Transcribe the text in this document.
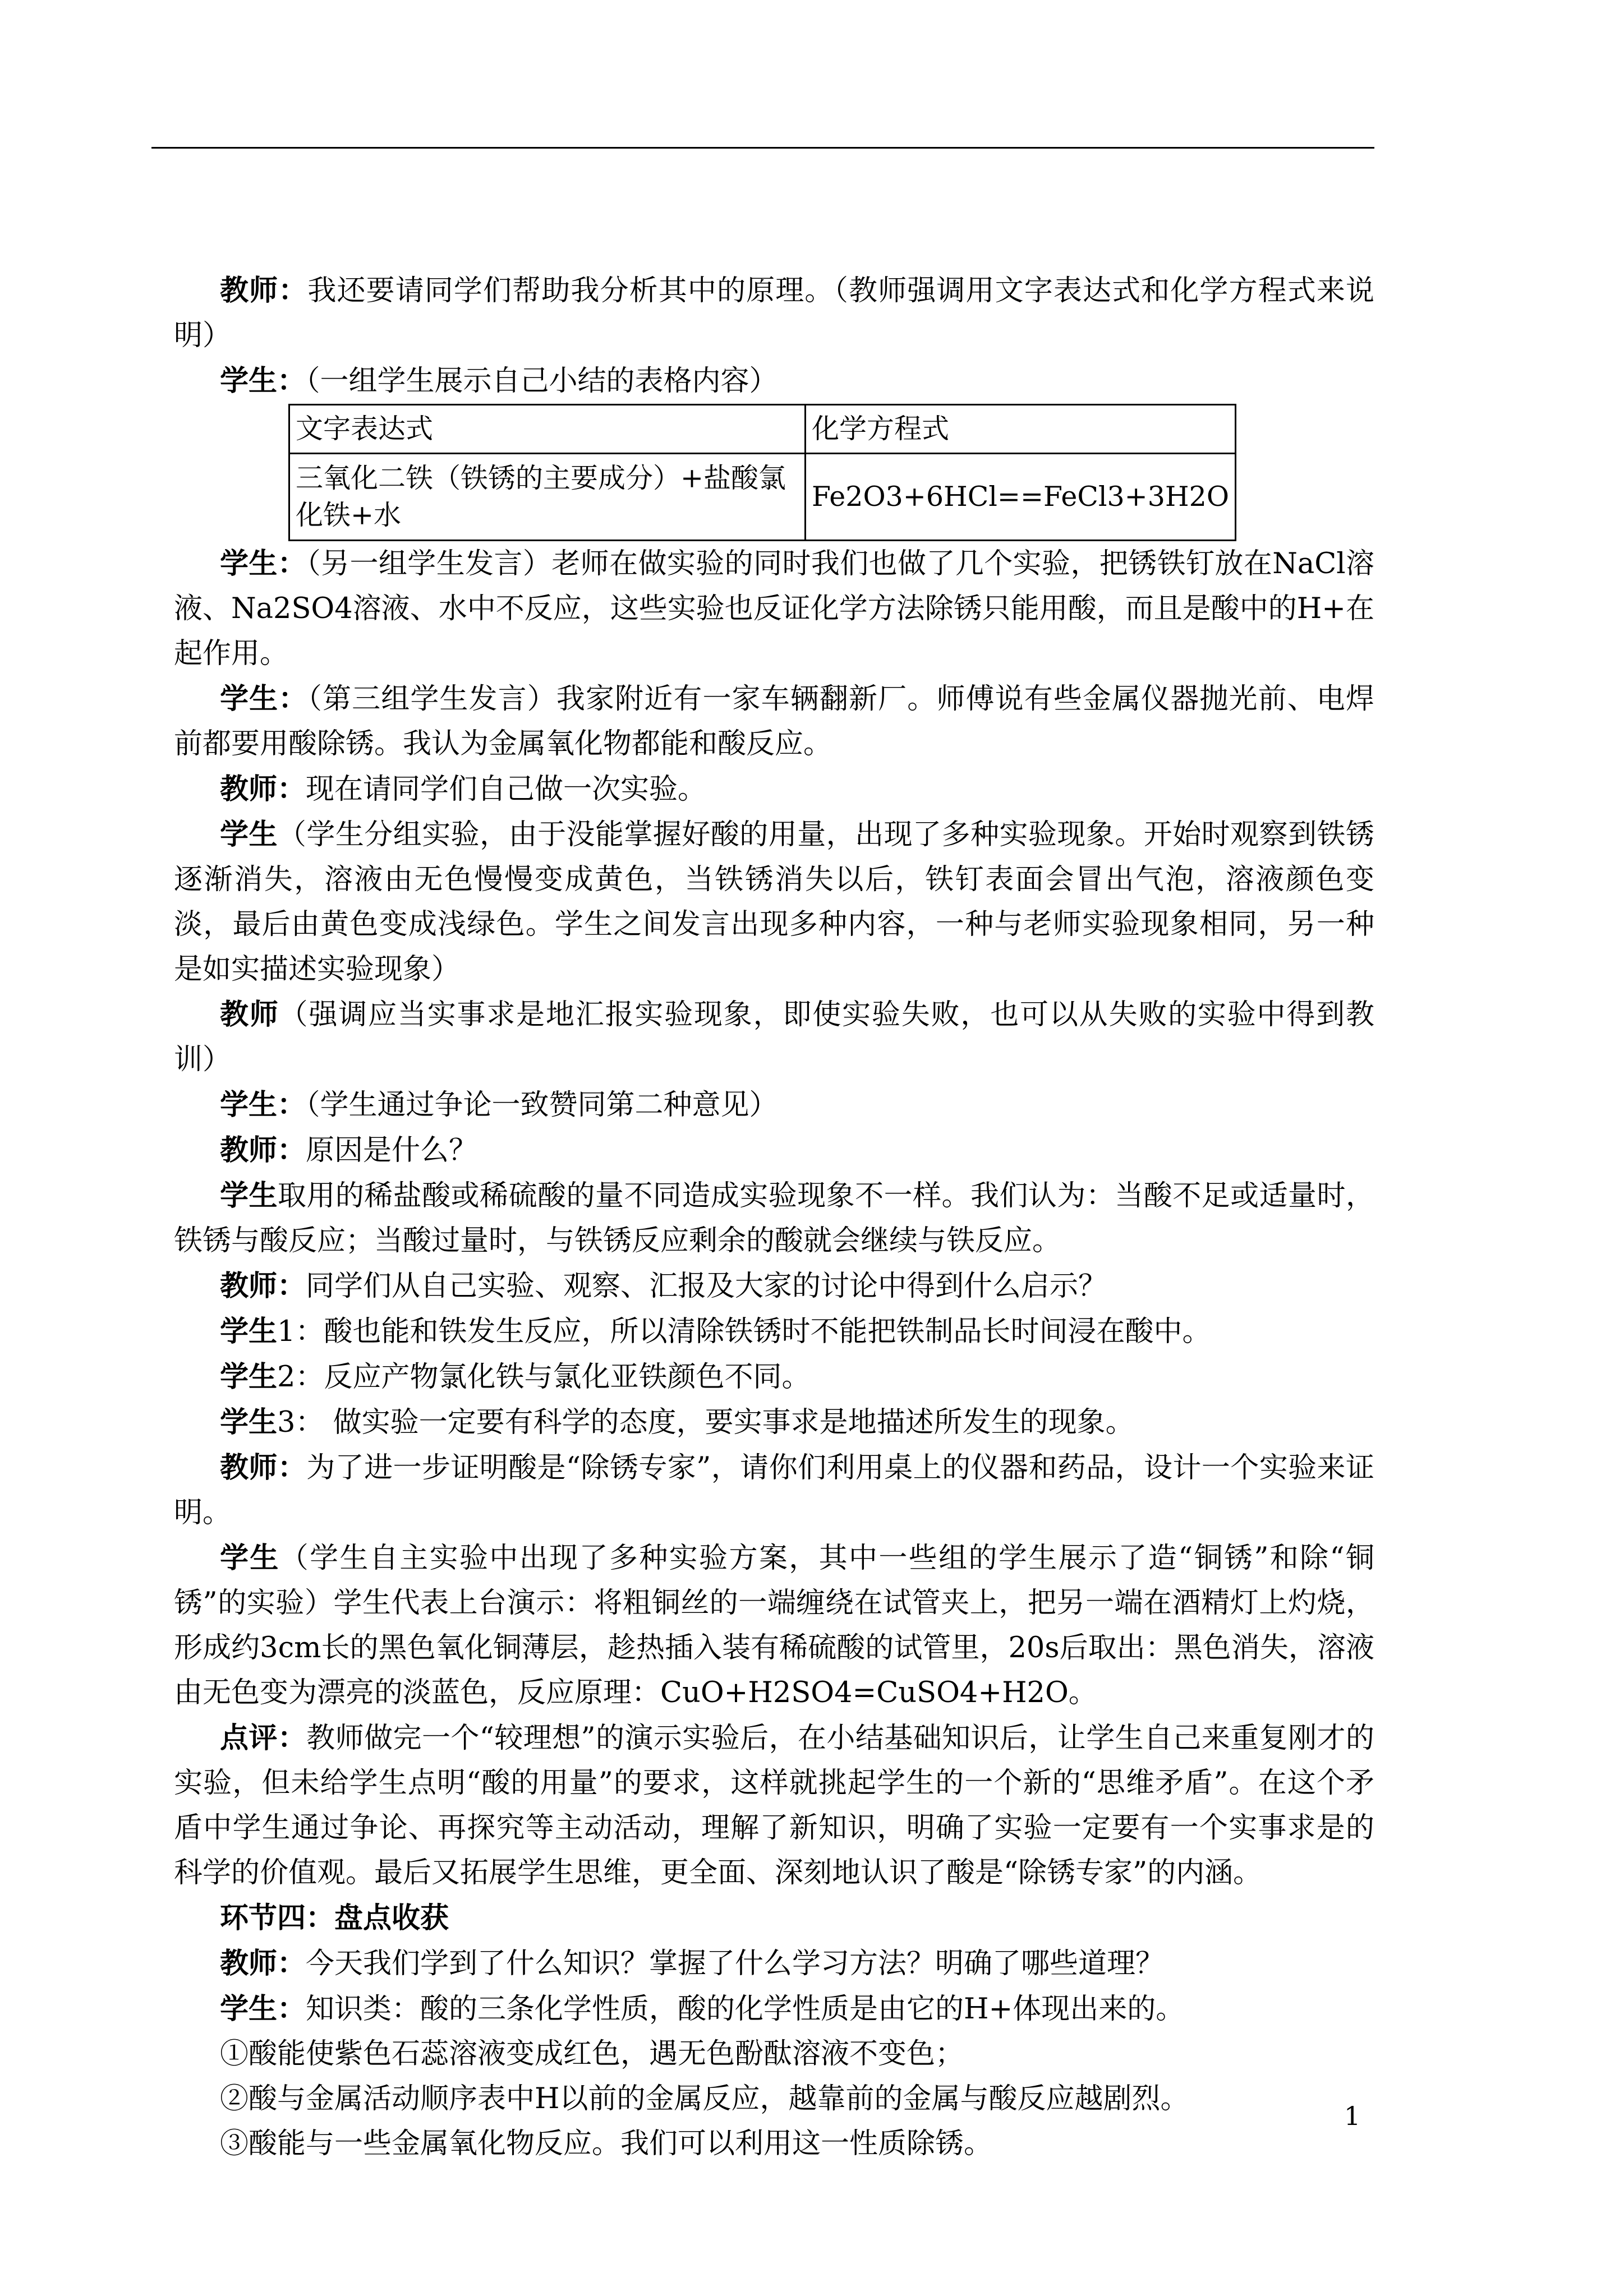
教师：我还要请同学们帮助我分析其中的原理。（教师强调用文字表达式和化学方程式来说明）

学生：（一组学生展示自己小结的表格内容）

文字表达式	化学方程式
三氧化二铁（铁锈的主要成分）+盐酸氯化铁+水	Fe2O3+6HCl==FeCl3+3H2O

学生：（另一组学生发言）老师在做实验的同时我们也做了几个实验，把锈铁钉放在NaCl溶液、Na2SO4溶液、水中不反应，这些实验也反证化学方法除锈只能用酸，而且是酸中的H+在起作用。

学生：（第三组学生发言）我家附近有一家车辆翻新厂。师傅说有些金属仪器抛光前、电焊前都要用酸除锈。我认为金属氧化物都能和酸反应。

教师：现在请同学们自己做一次实验。

学生（学生分组实验，由于没能掌握好酸的用量，出现了多种实验现象。开始时观察到铁锈逐渐消失，溶液由无色慢慢变成黄色，当铁锈消失以后，铁钉表面会冒出气泡，溶液颜色变淡，最后由黄色变成浅绿色。学生之间发言出现多种内容，一种与老师实验现象相同，另一种是如实描述实验现象）

教师（强调应当实事求是地汇报实验现象，即使实验失败，也可以从失败的实验中得到教训）

学生：（学生通过争论一致赞同第二种意见）

教师：原因是什么？

学生取用的稀盐酸或稀硫酸的量不同造成实验现象不一样。我们认为：当酸不足或适量时，铁锈与酸反应；当酸过量时，与铁锈反应剩余的酸就会继续与铁反应。

教师：同学们从自己实验、观察、汇报及大家的讨论中得到什么启示？

学生1：酸也能和铁发生反应，所以清除铁锈时不能把铁制品长时间浸在酸中。

学生2：反应产物氯化铁与氯化亚铁颜色不同。

学生3： 做实验一定要有科学的态度，要实事求是地描述所发生的现象。

教师：为了进一步证明酸是“除锈专家”，请你们利用桌上的仪器和药品，设计一个实验来证明。

学生（学生自主实验中出现了多种实验方案，其中一些组的学生展示了造“铜锈”和除“铜锈”的实验）学生代表上台演示：将粗铜丝的一端缠绕在试管夹上，把另一端在酒精灯上灼烧，形成约3cm长的黑色氧化铜薄层，趁热插入装有稀硫酸的试管里，20s后取出：黑色消失，溶液由无色变为漂亮的淡蓝色，反应原理：CuO+H2SO4=CuSO4+H2O。

点评：教师做完一个“较理想”的演示实验后，在小结基础知识后，让学生自己来重复刚才的实验，但未给学生点明“酸的用量”的要求，这样就挑起学生的一个新的“思维矛盾”。在这个矛盾中学生通过争论、再探究等主动活动，理解了新知识，明确了实验一定要有一个实事求是的科学的价值观。最后又拓展学生思维，更全面、深刻地认识了酸是“除锈专家”的内涵。

环节四：盘点收获

教师：今天我们学到了什么知识？掌握了什么学习方法？明确了哪些道理？

学生：知识类：酸的三条化学性质，酸的化学性质是由它的H+体现出来的。

①酸能使紫色石蕊溶液变成红色，遇无色酚酞溶液不变色；

②酸与金属活动顺序表中H以前的金属反应，越靠前的金属与酸反应越剧烈。

③酸能与一些金属氧化物反应。我们可以利用这一性质除锈。

1
